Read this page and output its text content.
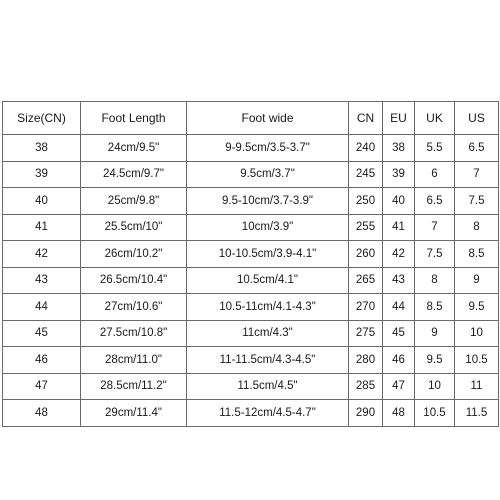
Size(CN)	Foot Length	Foot wide	CN	EU	UK	US
38	24cm/9.5"	9-9.5cm/3.5-3.7"	240	38	5.5	6.5
39	24.5cm/9.7"	9.5cm/3.7"	245	39	6	7
40	25cm/9.8"	9.5-10cm/3.7-3.9"	250	40	6.5	7.5
41	25.5cm/10"	10cm/3.9"	255	41	7	8
42	26cm/10.2"	10-10.5cm/3.9-4.1"	260	42	7.5	8.5
43	26.5cm/10.4"	10.5cm/4.1"	265	43	8	9
44	27cm/10.6"	10.5-11cm/4.1-4.3"	270	44	8.5	9.5
45	27.5cm/10.8"	11cm/4.3"	275	45	9	10
46	28cm/11.0"	11-11.5cm/4.3-4.5"	280	46	9.5	10.5
47	28.5cm/11.2"	11.5cm/4.5"	285	47	10	11
48	29cm/11.4"	11.5-12cm/4.5-4.7"	290	48	10.5	11.5
